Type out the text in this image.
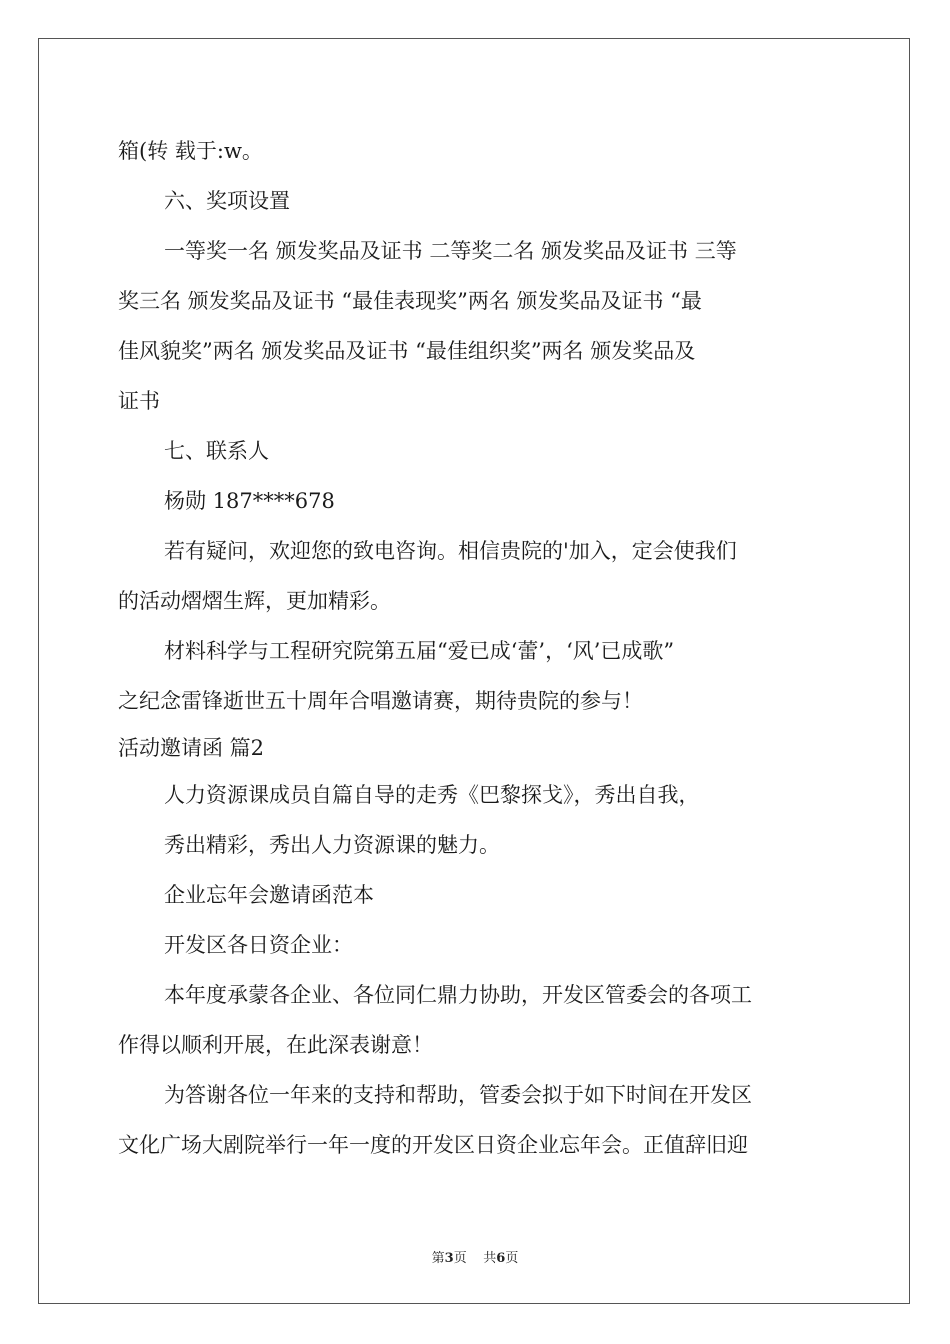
箱(转 载于:w。
六、奖项设置
一等奖一名 颁发奖品及证书 二等奖二名 颁发奖品及证书 三等
奖三名 颁发奖品及证书 “最佳表现奖”两名 颁发奖品及证书 “最
佳风貌奖”两名 颁发奖品及证书 “最佳组织奖”两名 颁发奖品及
证书
七、联系人
杨勋 187****678
若有疑问，欢迎您的致电咨询。相信贵院的'加入，定会使我们
的活动熠熠生辉，更加精彩。
材料科学与工程研究院第五届“爱已成‘蕾’，‘风’已成歌”
之纪念雷锋逝世五十周年合唱邀请赛，期待贵院的参与！
活动邀请函 篇2
人力资源课成员自篇自导的走秀《巴黎探戈》，秀出自我，
秀出精彩，秀出人力资源课的魅力。
企业忘年会邀请函范本
开发区各日资企业：
本年度承蒙各企业、各位同仁鼎力协助，开发区管委会的各项工
作得以顺利开展，在此深表谢意！
为答谢各位一年来的支持和帮助，管委会拟于如下时间在开发区
文化广场大剧院举行一年一度的开发区日资企业忘年会。正值辞旧迎
第3页 共6页
